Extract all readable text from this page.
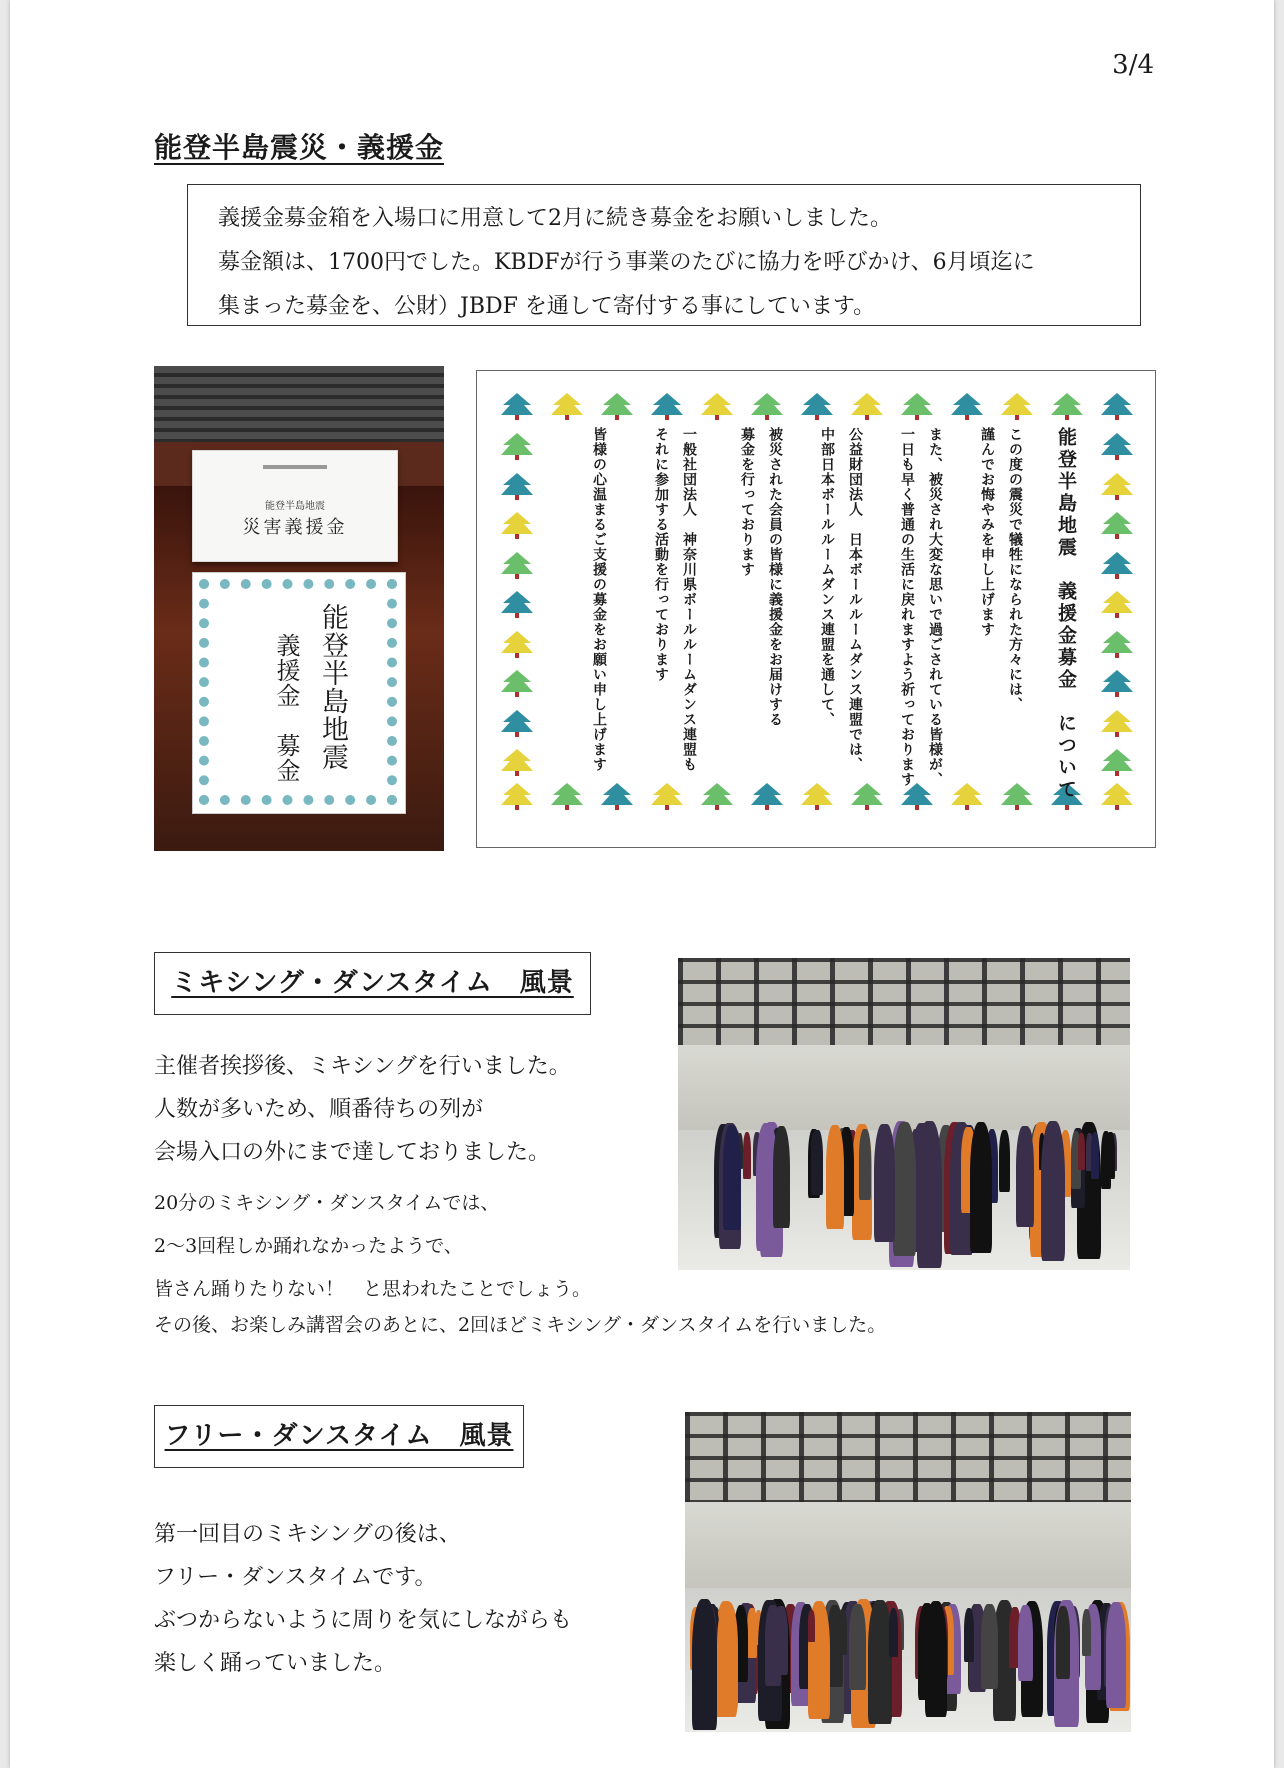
3/4
能登半島震災・義援金
義援金募金箱を入場口に用意して2月に続き募金をお願いしました。
募金額は、1700円でした。KBDFが行う事業のたびに協力を呼びかけ、6月頃迄に
集まった募金を、公財）JBDF を通して寄付する事にしています。
能登半島地震
災害義援金
能登半島地震
義援金　募金	能登半島地震　義援金募金　について
この度の震災で犠牲になられた方々には、
謹んでお悔やみを申し上げます
また、被災され大変な思いで過ごされている皆様が、
一日も早く普通の生活に戻れますよう祈っております
公益財団法人　日本ボールルームダンス連盟では、
中部日本ボールルームダンス連盟を通して、
被災された会員の皆様に義援金をお届けする
募金を行っております
一般社団法人　神奈川県ボールルームダンス連盟も
それに参加する活動を行っております
皆様の心温まるご支援の募金をお願い申し上げます
ミキシング・ダンスタイム　風景
主催者挨拶後、ミキシングを行いました。
人数が多いため、順番待ちの列が
会場入口の外にまで達しておりました。
20分のミキシング・ダンスタイムでは、
2～3回程しか踊れなかったようで、
皆さん踊りたりない！　と思われたことでしょう。
その後、お楽しみ講習会のあとに、2回ほどミキシング・ダンスタイムを行いました。
フリー・ダンスタイム　風景
第一回目のミキシングの後は、
フリー・ダンスタイムです。
ぶつからないように周りを気にしながらも
楽しく踊っていました。
